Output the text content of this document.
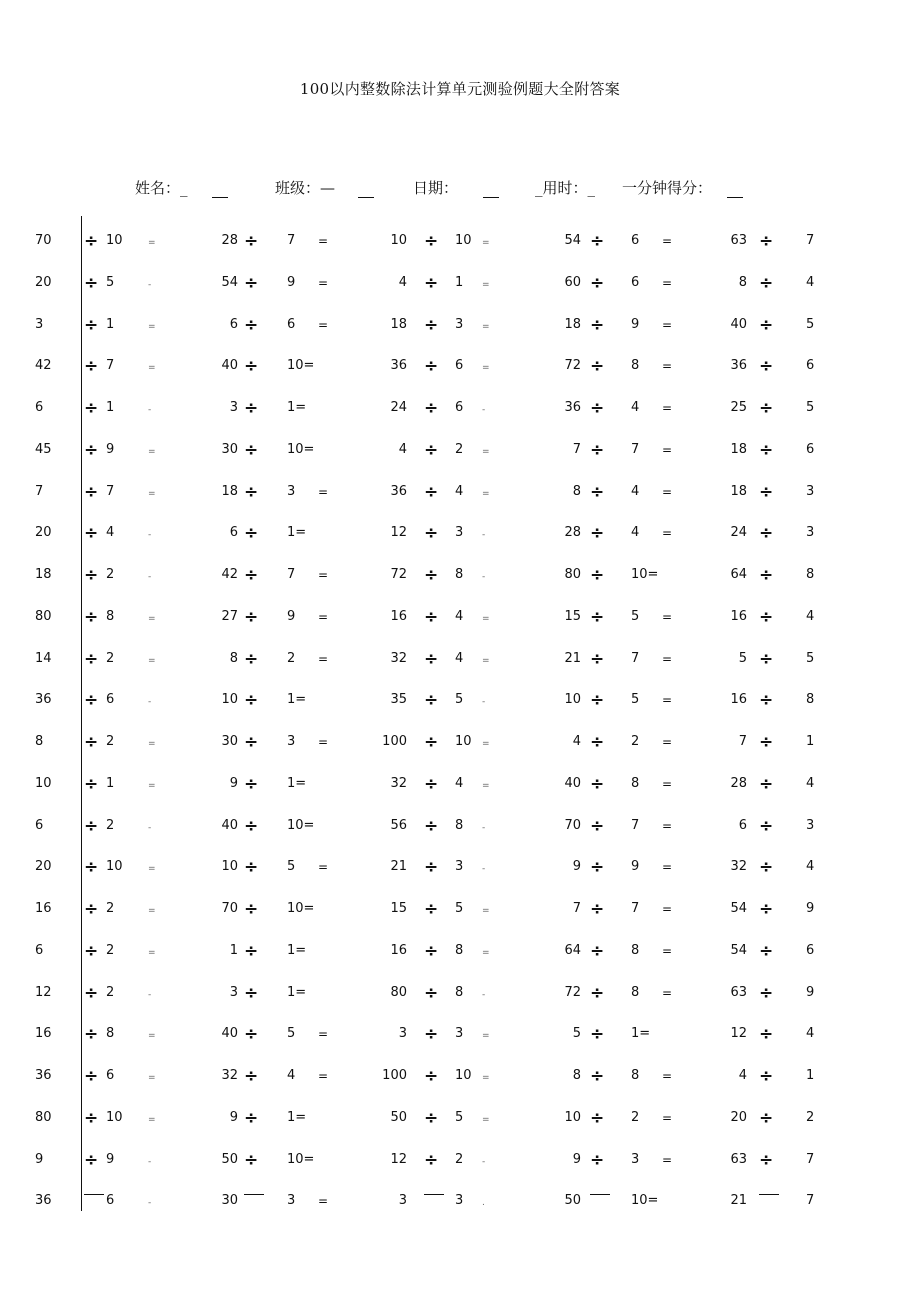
100以内整数除法计算单元测验例题大全附答案
姓名：_	班级：—	日期：	_用时：_ 一分钟得分：
70 ÷ 10	=	28 ÷ 7 =	10 ÷ 10 =	54 ÷ 6 =	63 ÷	7
20 ÷ 5	-	54 ÷ 9 =	4 ÷ 1 =	60 ÷ 6 =	8 ÷	4
3 ÷ 1	=	6 ÷ 6 =	18 ÷ 3 =	18 ÷ 9 =	40 ÷	5
42 ÷ 7	=	40 ÷ 10=	36 ÷ 6 =	72 ÷ 8 =	36 ÷	6
6 ÷ 1	-	3 ÷ 1=	24 ÷ 6 -	36 ÷ 4 =	25 ÷	5
45 ÷ 9	=	30 ÷ 10=	4 ÷ 2 =	7 ÷ 7 =	18 ÷	6
7 ÷ 7	=	18 ÷ 3 =	36 ÷ 4 =	8 ÷ 4 =	18 ÷	3
20 ÷ 4	-	6 ÷ 1=	12 ÷ 3 -	28 ÷ 4 =	24 ÷	3
18 ÷ 2	-	42 ÷ 7 =	72 ÷ 8 -	80 ÷ 10=	64 ÷	8
80 ÷ 8	=	27 ÷ 9 =	16 ÷ 4 =	15 ÷ 5 =	16 ÷	4
14 ÷ 2	=	8 ÷ 2 =	32 ÷ 4 =	21 ÷ 7 =	5 ÷	5
36 ÷ 6	-	10 ÷ 1=	35 ÷ 5 -	10 ÷ 5 =	16 ÷	8
8 ÷ 2	=	30 ÷ 3 =	100 ÷ 10 =	4 ÷ 2 =	7 ÷	1
10 ÷ 1	=	9 ÷ 1=	32 ÷ 4 =	40 ÷ 8 =	28 ÷	4
6 ÷ 2	-	40 ÷ 10=	56 ÷ 8 -	70 ÷ 7 =	6 ÷	3
20 ÷ 10	=	10 ÷ 5 =	21 ÷ 3 -	9 ÷ 9 =	32 ÷	4
16 ÷ 2	=	70 ÷ 10=	15 ÷ 5 =	7 ÷ 7 =	54 ÷	9
6 ÷ 2	=	1 ÷ 1=	16 ÷ 8 =	64 ÷ 8 =	54 ÷	6
12 ÷ 2	-	3 ÷ 1=	80 ÷ 8 -	72 ÷ 8 =	63 ÷	9
16 ÷ 8	=	40 ÷ 5 =	3 ÷ 3 =	5 ÷ 1=	12 ÷	4
36 ÷ 6	=	32 ÷ 4 =	100 ÷ 10 =	8 ÷ 8 =	4 ÷	1
80 ÷ 10	=	9 ÷ 1=	50 ÷ 5 =	10 ÷ 2 =	20 ÷	2
9 ÷ 9	-	50 ÷ 10=	12 ÷ 2 -	9 ÷ 3 =	63 ÷	7
36	6	-	30	3 =	3	3 .	50	10=	21	7
